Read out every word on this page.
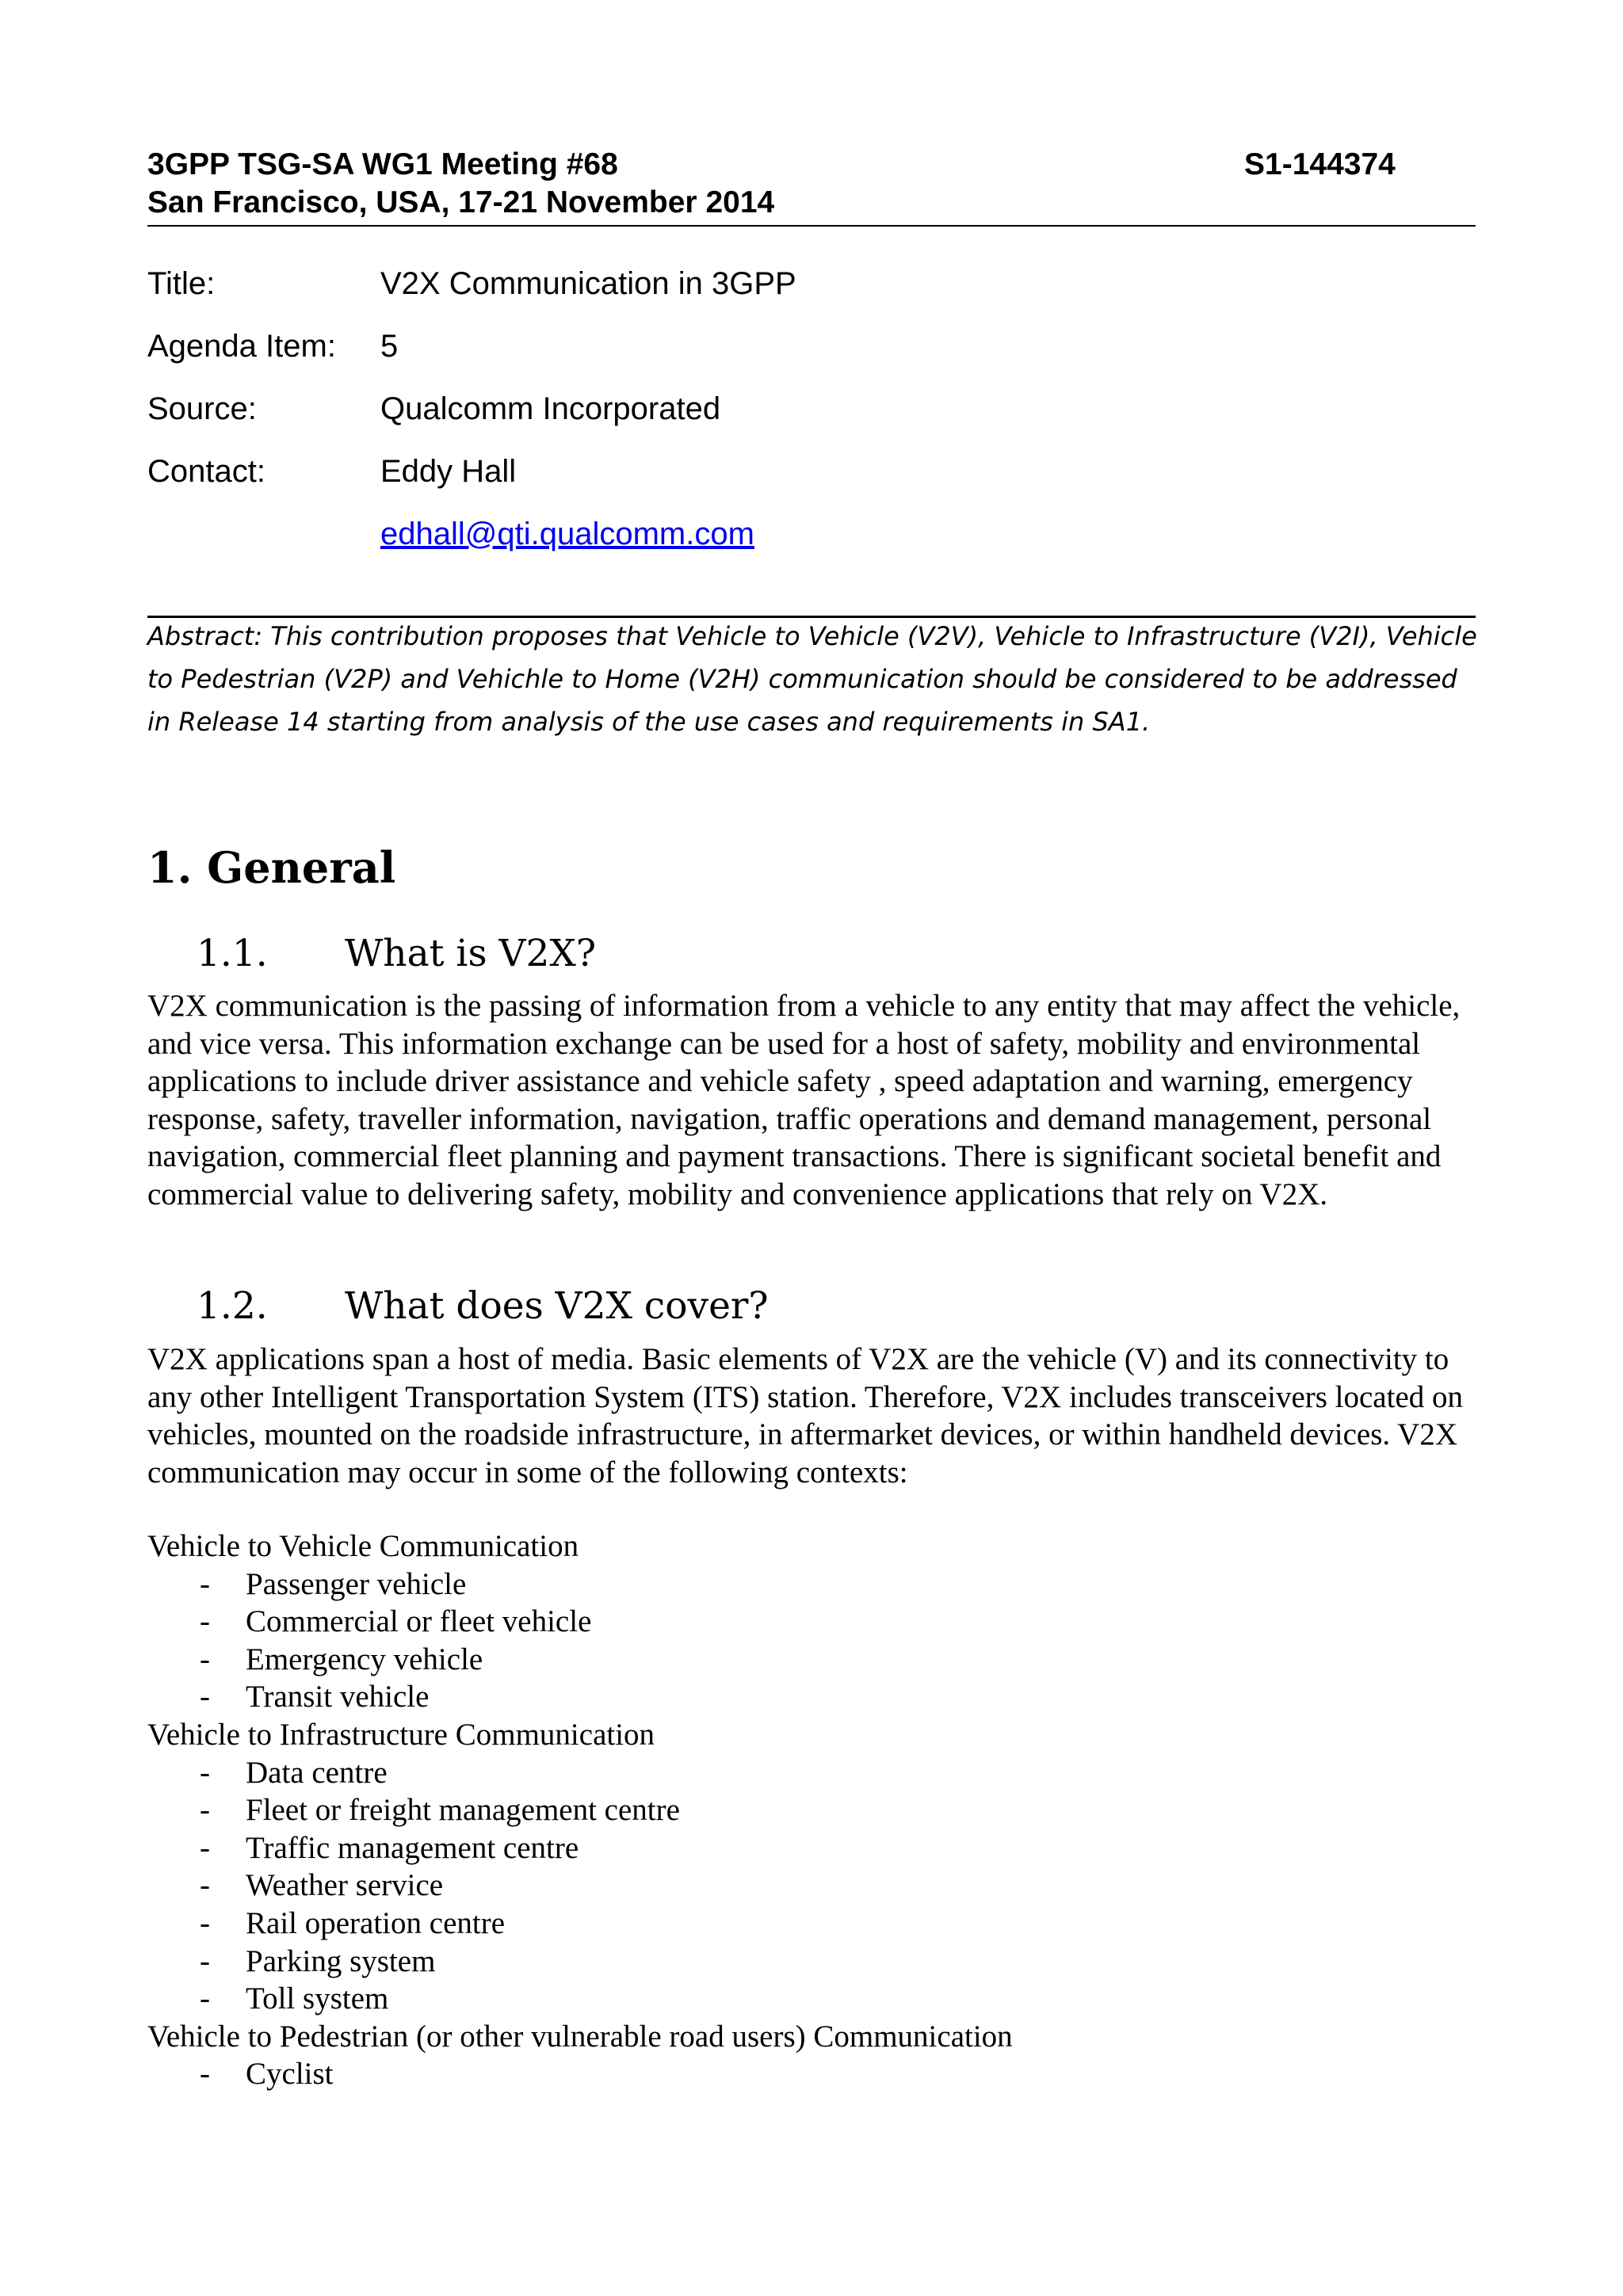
3GPP TSG-SA WG1 Meeting #68	S1-144374
San Francisco, USA, 17-21 November 2014
Title:	V2X Communication in 3GPP
Agenda Item: 5
Source:	Qualcomm Incorporated
Contact:	Eddy Hall
edhall@qti.qualcomm.com
Abstract: This contribution proposes that Vehicle to Vehicle (V2V), Vehicle to Infrastructure (V2I), Vehicle to Pedestrian (V2P) and Vehichle to Home (V2H) communication should be considered to be addressed in Release 14 starting from analysis of the use cases and requirements in SA1.
1. General
1.1. What is V2X?
V2X communication is the passing of information from a vehicle to any entity that may affect the vehicle, and vice versa. This information exchange can be used for a host of safety, mobility and environmental applications to include driver assistance and vehicle safety , speed adaptation and warning, emergency response, safety, traveller information, navigation, traffic operations and demand management, personal navigation, commercial fleet planning and payment transactions. There is significant societal benefit and commercial value to delivering safety, mobility and convenience applications that rely on V2X.
1.2. What does V2X cover?
V2X applications span a host of media. Basic elements of V2X are the vehicle (V) and its connectivity to any other Intelligent Transportation System (ITS) station. Therefore, V2X includes transceivers located on vehicles, mounted on the roadside infrastructure, in aftermarket devices, or within handheld devices. V2X communication may occur in some of the following contexts:
Vehicle to Vehicle Communication
- Passenger vehicle
- Commercial or fleet vehicle
- Emergency vehicle
- Transit vehicle
Vehicle to Infrastructure Communication
- Data centre
- Fleet or freight management centre
- Traffic management centre
- Weather service
- Rail operation centre
- Parking system
- Toll system
Vehicle to Pedestrian (or other vulnerable road users) Communication
- Cyclist
